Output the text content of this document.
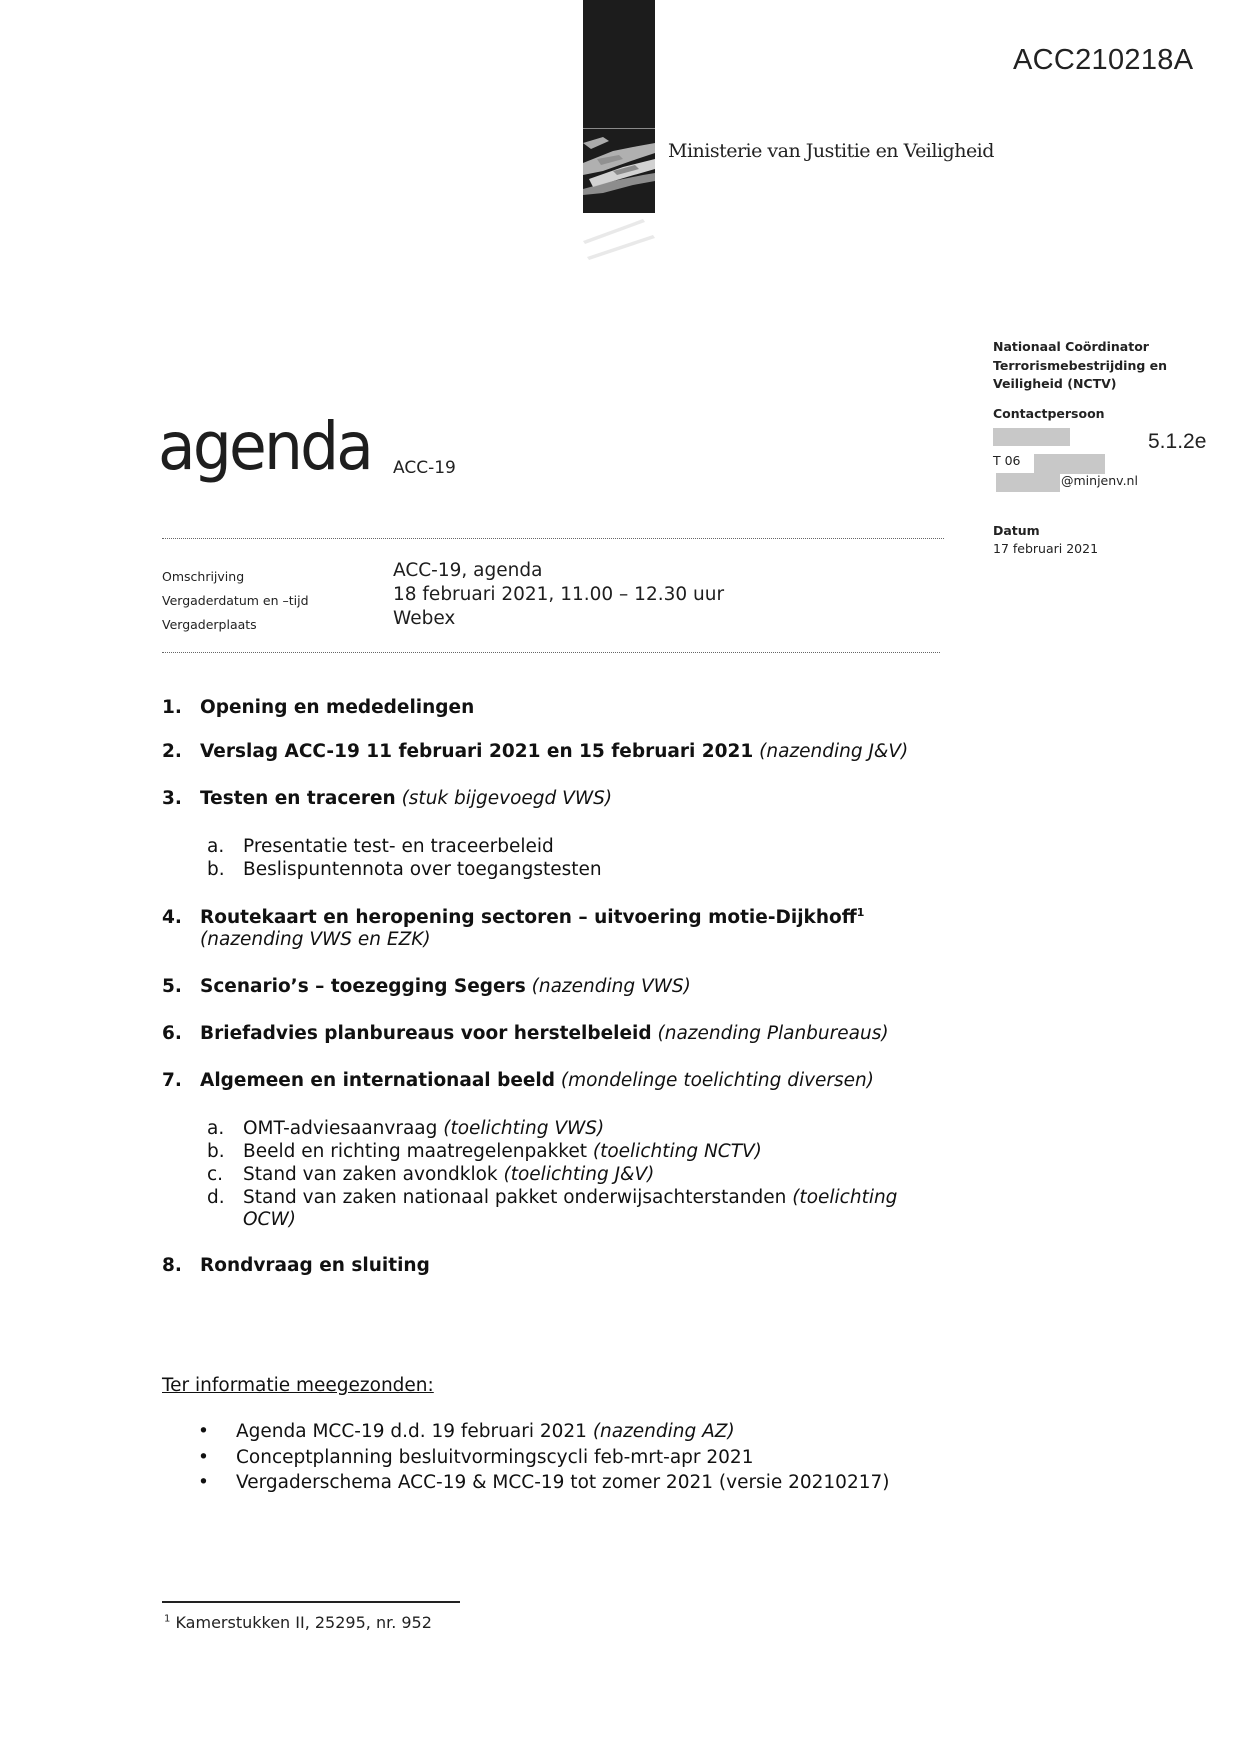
ACC210218A
Ministerie van Justitie en Veiligheid
Nationaal Coördinator
Terrorismebestrijding en
Veiligheid (NCTV)
Contactpersoon
T 06
@minjenv.nl
5.1.2e
Datum
17 februari 2021
agenda ACC-19
Omschrijving	ACC-19, agenda
Vergaderdatum en –tijd	18 februari 2021, 11.00 – 12.30 uur
Vergaderplaats	Webex
1. Opening en mededelingen
2. Verslag ACC-19 11 februari 2021 en 15 februari 2021 (nazending J&V)
3. Testen en traceren (stuk bijgevoegd VWS)
a. Presentatie test- en traceerbeleid
b. Beslispuntennota over toegangstesten
4. Routekaart en heropening sectoren – uitvoering motie-Dijkhoff$^1$
(nazending VWS en EZK)
5. Scenario’s – toezegging Segers (nazending VWS)
6. Briefadvies planbureaus voor herstelbeleid (nazending Planbureaus)
7. Algemeen en internationaal beeld (mondelinge toelichting diversen)
a. OMT-adviesaanvraag (toelichting VWS)
b. Beeld en richting maatregelenpakket (toelichting NCTV)
c. Stand van zaken avondklok (toelichting J&V)
d. Stand van zaken nationaal pakket onderwijsachterstanden (toelichting
OCW)
8. Rondvraag en sluiting
Ter informatie meegezonden:
• Agenda MCC-19 d.d. 19 februari 2021 (nazending AZ)
• Conceptplanning besluitvormingscycli feb-mrt-apr 2021
• Vergaderschema ACC-19 & MCC-19 tot zomer 2021 (versie 20210217)
$^1$ Kamerstukken II, 25295, nr. 952
